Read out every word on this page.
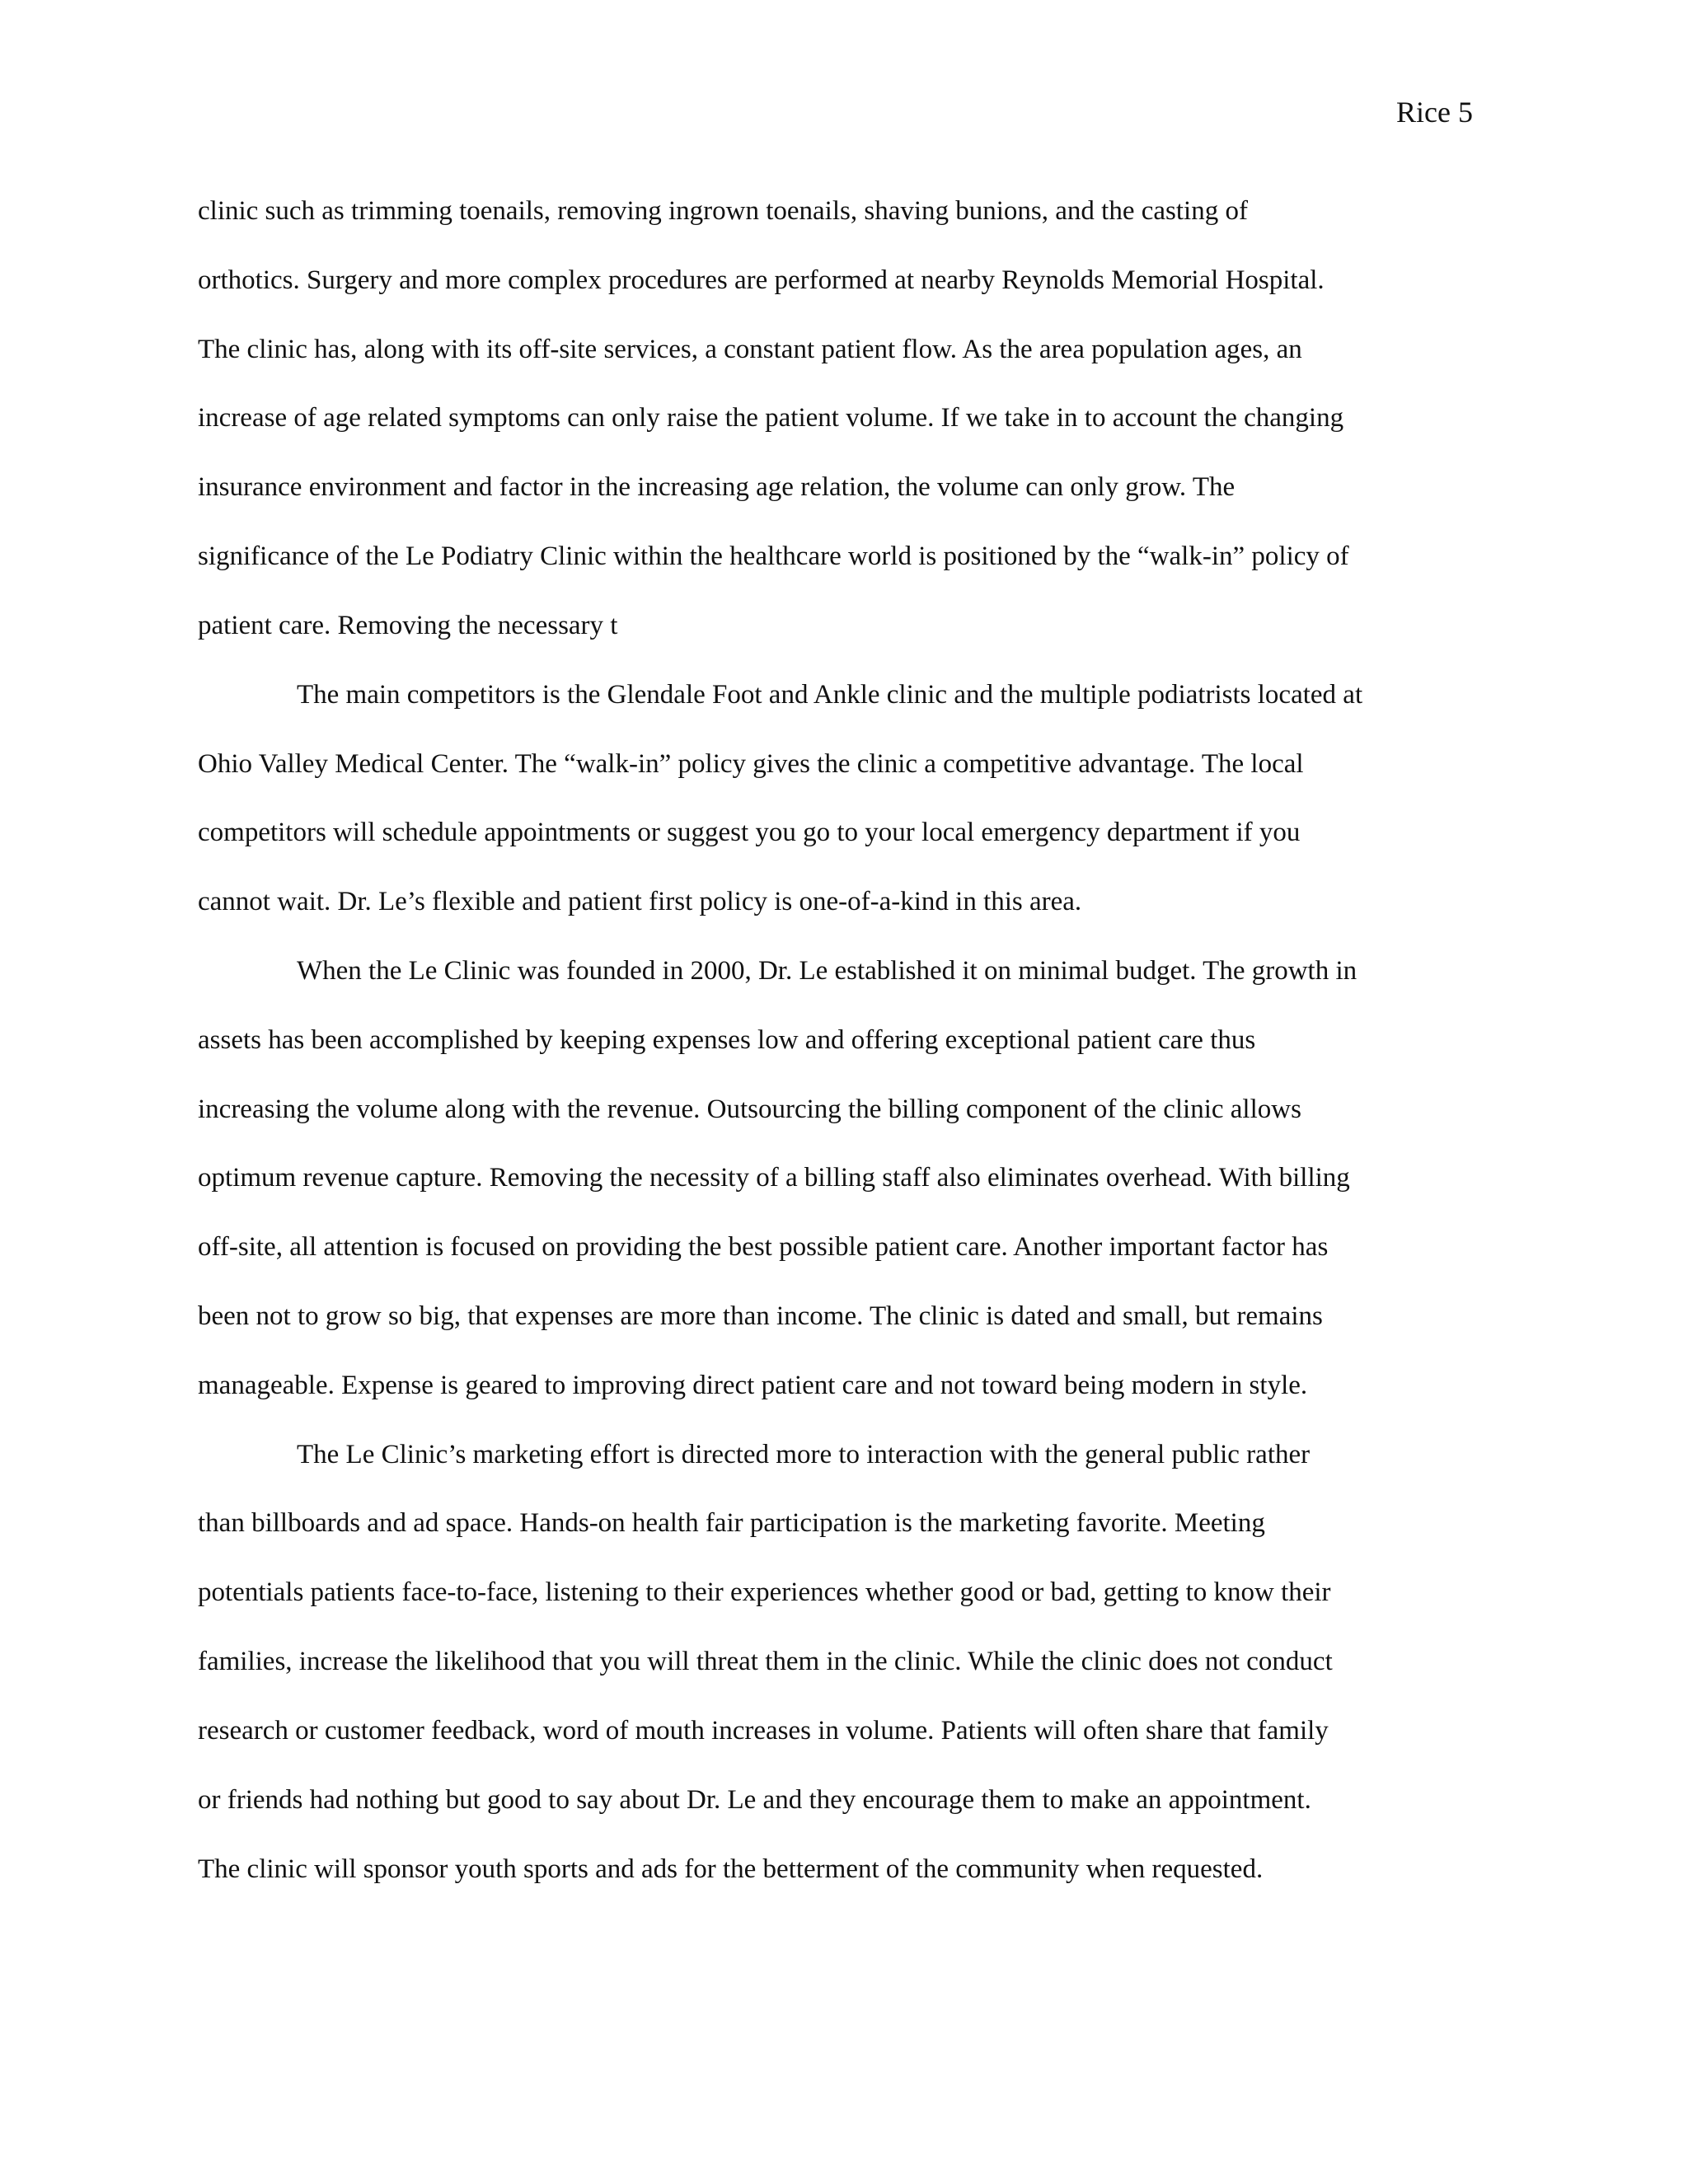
Rice 5
clinic such as trimming toenails, removing ingrown toenails, shaving bunions, and the casting of
orthotics. Surgery and more complex procedures are performed at nearby Reynolds Memorial Hospital.
The clinic has, along with its off-site services, a constant patient flow. As the area population ages, an
increase of age related symptoms can only raise the patient volume. If we take in to account the changing
insurance environment and factor in the increasing age relation, the volume can only grow. The
significance of the Le Podiatry Clinic within the healthcare world is positioned by the “walk-in” policy of
patient care. Removing the necessary t
The main competitors is the Glendale Foot and Ankle clinic and the multiple podiatrists located at
Ohio Valley Medical Center. The “walk-in” policy gives the clinic a competitive advantage. The local
competitors will schedule appointments or suggest you go to your local emergency department if you
cannot wait. Dr. Le’s flexible and patient first policy is one-of-a-kind in this area.
When the Le Clinic was founded in 2000, Dr. Le established it on minimal budget. The growth in
assets has been accomplished by keeping expenses low and offering exceptional patient care thus
increasing the volume along with the revenue. Outsourcing the billing component of the clinic allows
optimum revenue capture. Removing the necessity of a billing staff also eliminates overhead. With billing
off-site, all attention is focused on providing the best possible patient care. Another important factor has
been not to grow so big, that expenses are more than income. The clinic is dated and small, but remains
manageable. Expense is geared to improving direct patient care and not toward being modern in style.
The Le Clinic’s marketing effort is directed more to interaction with the general public rather
than billboards and ad space. Hands-on health fair participation is the marketing favorite. Meeting
potentials patients face-to-face, listening to their experiences whether good or bad, getting to know their
families, increase the likelihood that you will threat them in the clinic. While the clinic does not conduct
research or customer feedback, word of mouth increases in volume. Patients will often share that family
or friends had nothing but good to say about Dr. Le and they encourage them to make an appointment.
The clinic will sponsor youth sports and ads for the betterment of the community when requested.
